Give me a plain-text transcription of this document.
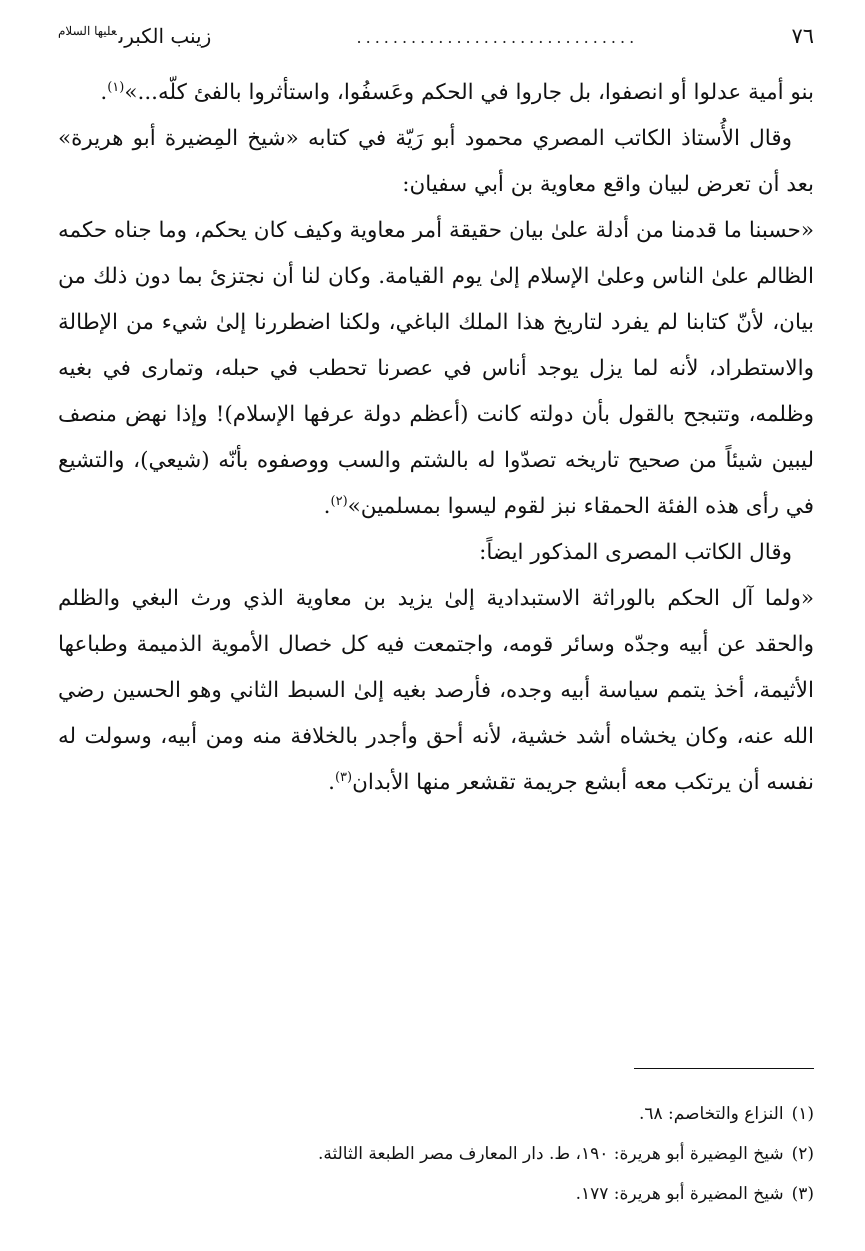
٧٦
...............................
زينب الكبرى$^{عليها السلام}$

بنو أمية عدلوا أو انصفوا، بل جاروا في الحكم وعَسفُوا، واستأثروا بالفئ كلّه...»$^{(١)}$.

وقال الأُستاذ الكاتب المصري محمود أبو رَيّة في كتابه «شيخ المِضيرة أبو هريرة» بعد أن تعرض لبيان واقع معاوية بن أبي سفيان:

«حسبنا ما قدمنا من أدلة علىٰ بيان حقيقة أمر معاوية وكيف كان يحكم، وما جناه حكمه الظالم علىٰ الناس وعلىٰ الإسلام إلىٰ يوم القيامة. وكان لنا أن نجتزئ بما دون ذلك من بيان، لأنّ كتابنا لم يفرد لتاريخ هذا الملك الباغي، ولكنا اضطررنا إلىٰ شيء من الإطالة والاستطراد، لأنه لما يزل يوجد أناس في عصرنا تحطب في حبله، وتمارى في بغيه وظلمه، وتتبجح بالقول بأن دولته كانت (أعظم دولة عرفها الإسلام)! وإذا نهض منصف ليبين شيئاً من صحيح تاريخه تصدّوا له بالشتم والسب ووصفوه بأنّه (شيعي)، والتشيع في رأى هذه الفئة الحمقاء نبز لقوم ليسوا بمسلمين»$^{(٢)}$.

وقال الكاتب المصرى المذكور ايضاً:

«ولما آل الحكم بالوراثة الاستبدادية إلىٰ يزيد بن معاوية الذي ورث البغي والظلم والحقد عن أبيه وجدّه وسائر قومه، واجتمعت فيه كل خصال الأموية الذميمة وطباعها الأثيمة، أخذ يتمم سياسة أبيه وجده، فأرصد بغيه إلىٰ السبط الثاني وهو الحسين رضي الله عنه، وكان يخشاه أشد خشية، لأنه أحق وأجدر بالخلافة منه ومن أبيه، وسولت له نفسه أن يرتكب معه أبشع جريمة تقشعر منها الأبدان$^{(٣)}$.

(١)النزاع والتخاصم: ٦٨.

(٢)شيخ المِضيرة أبو هريرة: ١٩٠، ط. دار المعارف مصر الطبعة الثالثة.

(٣)شيخ المضيرة أبو هريرة: ١٧٧.
